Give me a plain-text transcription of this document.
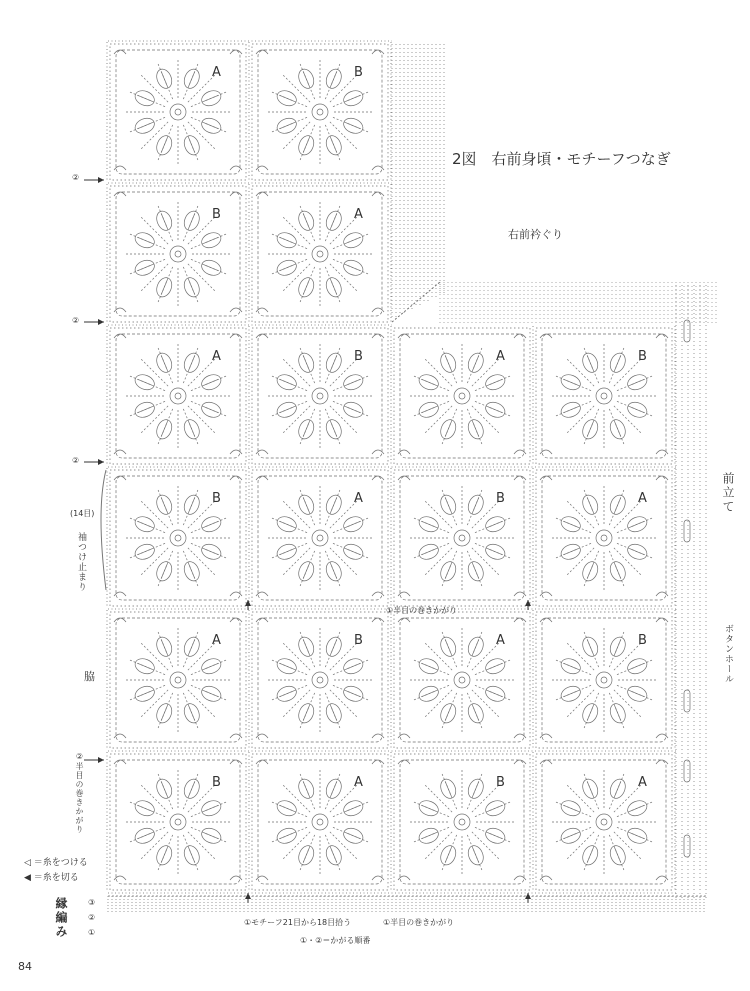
A	B
B	A
A	B	A	B
B	A	B	A
A	B	A	B
B	A	B	A
2図　右前身頃・モチーフつなぎ
右前衿ぐり
前立て
ボタンホール
脇
(14目)
袖つけ止まり
②
②
②
②半目の巻きかがり
①半目の巻きかがり
①モチーフ21目から18目拾う	①半目の巻きかがり
①・②＝かがる順番
縁編み	③
②
①
◁ ＝糸をつける
◀ ＝糸を切る
84
